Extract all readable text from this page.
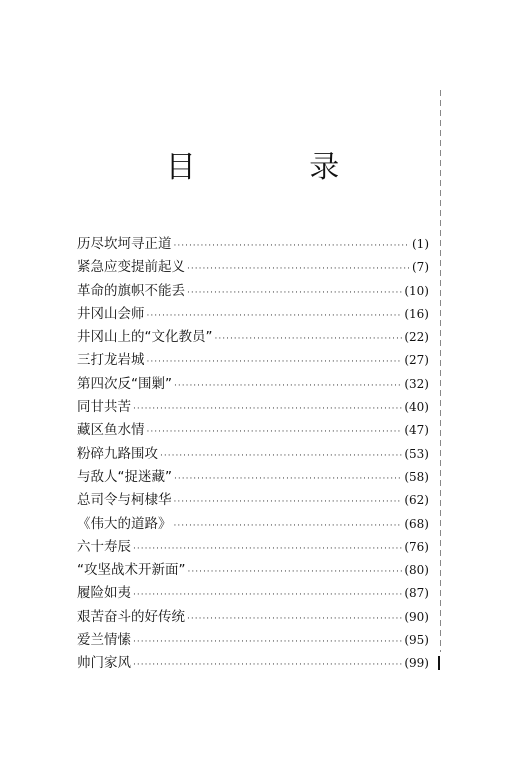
目 录
历尽坎坷寻正道 ·····	(1)
紧急应变提前起义 ·····	(7)
革命的旗帜不能丢 ·····	(10)
井冈山会师 ·····	(16)
井冈山上的“文化教员” ·····	(22)
三打龙岩城 ·····	(27)
第四次反“围剿” ·····	(32)
同甘共苦 ·····	(40)
藏区鱼水情 ·····	(47)
粉碎九路围攻 ·····	(53)
与敌人“捉迷藏” ·····	(58)
总司令与柯棣华 ·····	(62)
《伟大的道路》 ·····	(68)
六十寿辰 ·····	(76)
“攻坚战术开新面” ·····	(80)
履险如夷 ·····	(87)
艰苦奋斗的好传统 ·····	(90)
爱兰情愫 ·····	(95)
帅门家风 ·····	(99)
